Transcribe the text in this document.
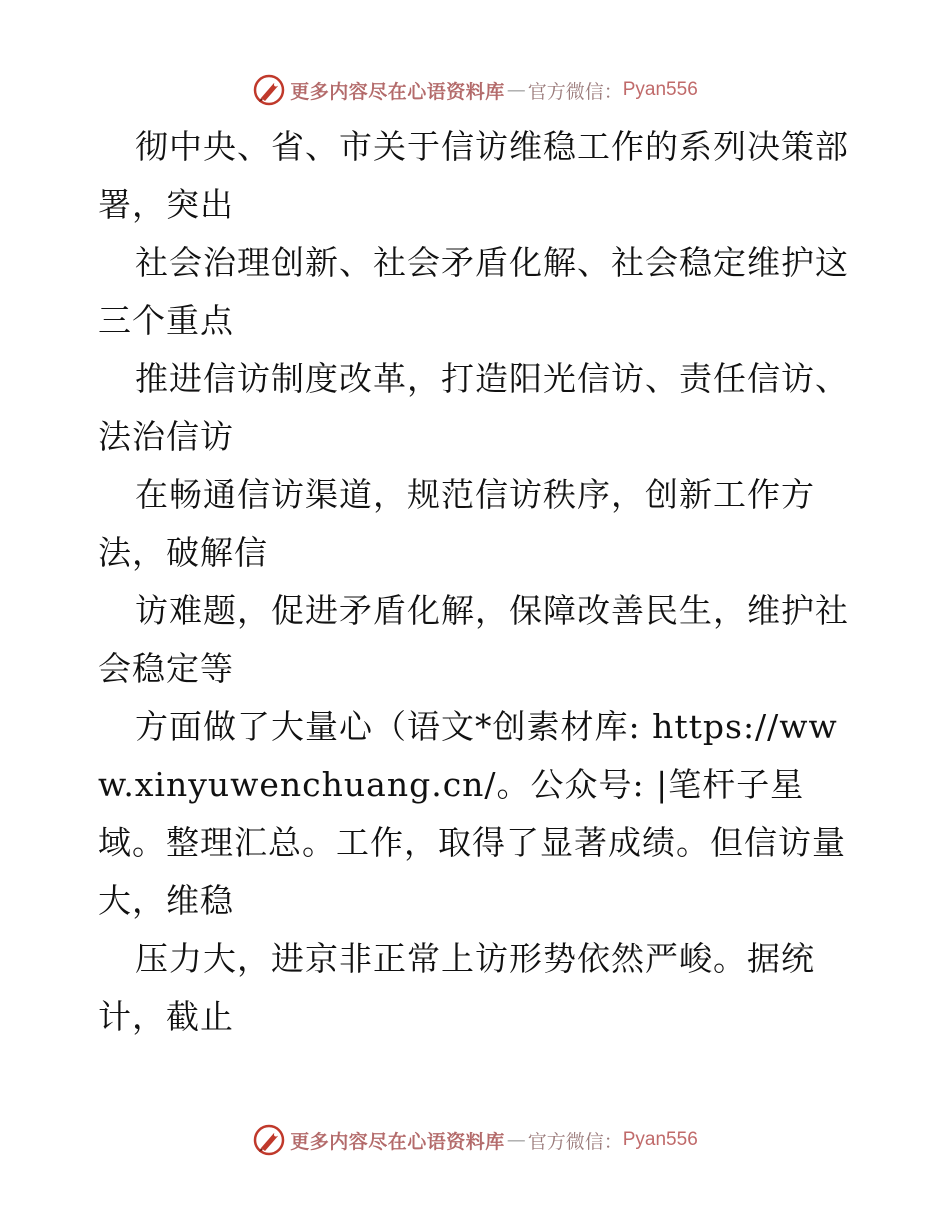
更多内容尽在心语资料库 — 官方微信： Pyan556

彻中央、省、市关于信访维稳工作的系列决策部署，突出

社会治理创新、社会矛盾化解、社会稳定维护这三个重点

推进信访制度改革，打造阳光信访、责任信访、法治信访

在畅通信访渠道，规范信访秩序，创新工作方法，破解信

访难题，促进矛盾化解，保障改善民生，维护社会稳定等

方面做了大量心（语文*创素材库: https://www.xinyuwenchuang.cn/。公众号: |笔杆子星域。整理汇总。工作，取得了显著成绩。但信访量大，维稳

压力大，进京非正常上访形势依然严峻。据统计，截止

更多内容尽在心语资料库 — 官方微信： Pyan556
